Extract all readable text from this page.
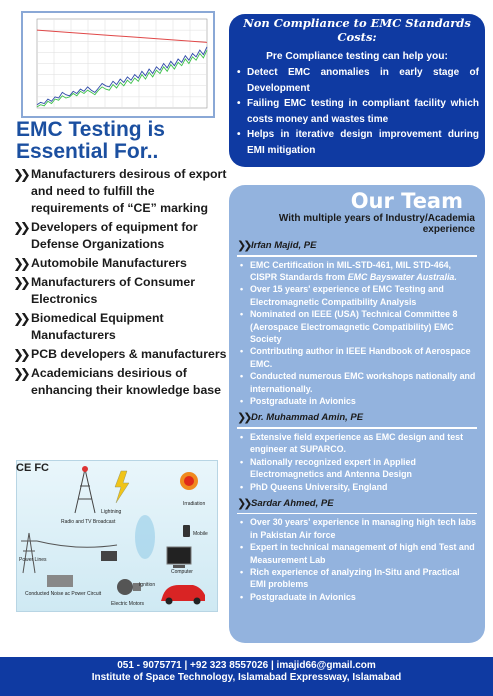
EMC Testing is Essential For..
❯❯ Manufacturers desirous of export and need to fulfill the requirements of “CE” marking
❯❯ Developers of equipment for Defense Organizations
❯❯ Automobile Manufacturers
❯❯ Manufacturers of Consumer Electronics
❯❯ Biomedical Equipment Manufacturers
❯❯ PCB developers & manufacturers
❯❯ Academicians desirious of enhancing their knowledge base
Lightning
Radio and TV Broadcast
Irradiation
Mobile
Power Lines
Computer
Ignition
Conducted Noise ac Power Circuit
Electric Motors
CE FC
Non Compliance to EMC Standards Costs:
Pre Compliance testing can help you:
• Detect EMC anomalies in early stage of Development
• Failing EMC testing in compliant facility which costs money and wastes time
• Helps in iterative design improvement during EMI mitigation
Our Team
With multiple years of Industry/Academia experience
❯❯ Irfan Majid, PE
• EMC Certification in MIL-STD-461, MIL STD-464, CISPR Standards from EMC Bayswater Australia.
• Over 15 years' experience of EMC Testing and Electromagnetic Compatibility Analysis
• Nominated on IEEE (USA) Technical Committee 8 (Aerospace Electromagnetic Compatibility) EMC Society
• Contributing author in IEEE Handbook of Aerospace EMC.
• Conducted numerous EMC workshops nationally and internationally.
• Postgraduate in Avionics
❯❯ Dr. Muhammad Amin, PE
• Extensive field experience as EMC design and test engineer at SUPARCO.
• Nationally recognized expert in Applied Electromagnetics and Antenna Design
• PhD Queens University, England
❯❯ Sardar Ahmed, PE
• Over 30 years' experience in managing high tech labs in Pakistan Air force
• Expert in technical management of high end Test and Measurement Lab
• Rich experience of analyzing In-Situ and Practical EMI problems
• Postgraduate in Avionics
051 - 9075771 | +92 323 8557026 | imajid66@gmail.com
Institute of Space Technology, Islamabad Expressway, Islamabad
